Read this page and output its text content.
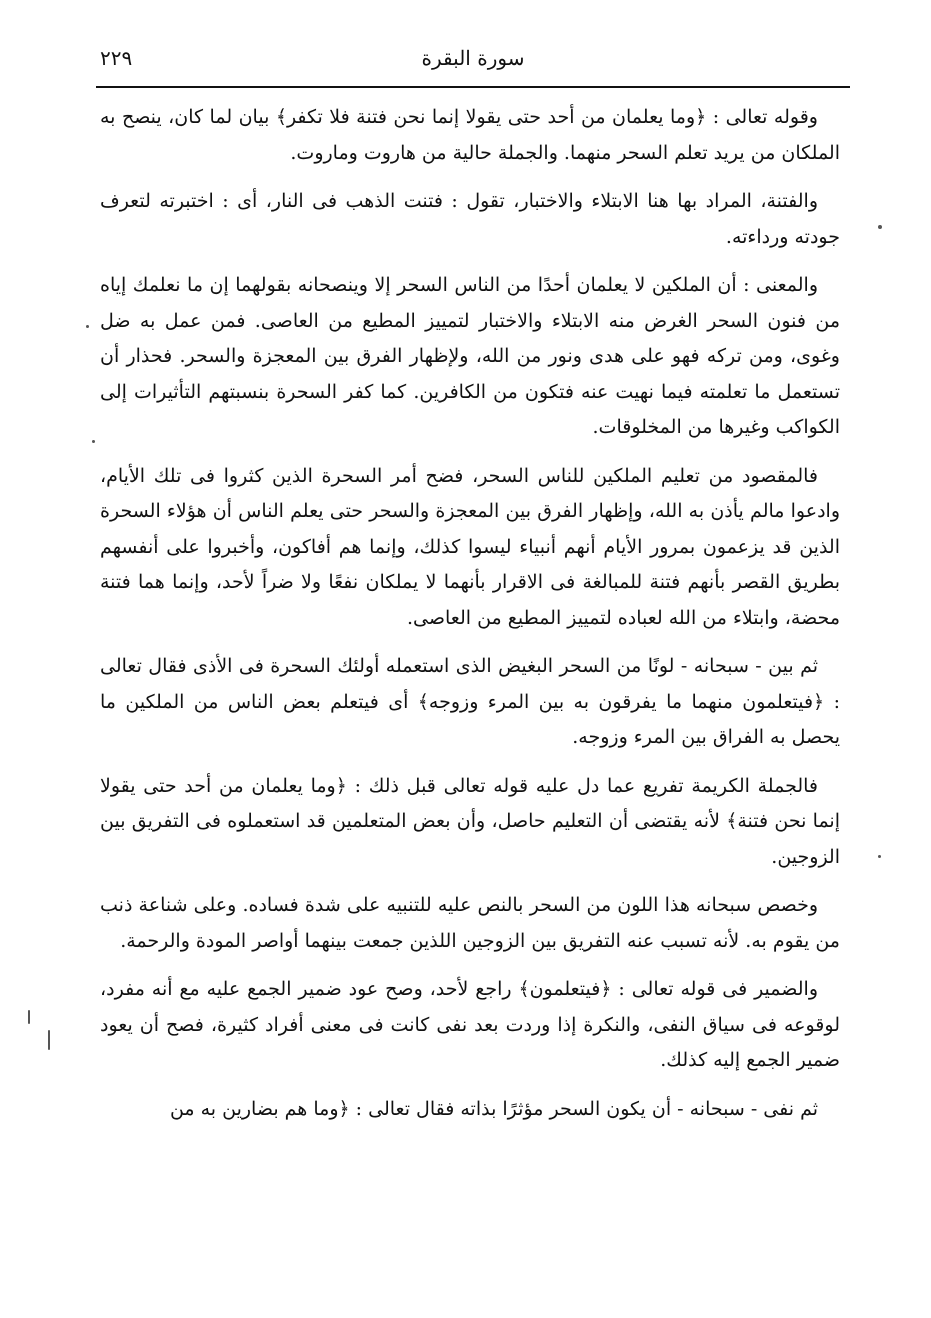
٢٢٩	سورة البقرة

وقوله تعالى : ﴿وما يعلمان من أحد حتى يقولا إنما نحن فتنة فلا تكفر﴾ بيان لما كان، ينصح به الملكان من يريد تعلم السحر منهما. والجملة حالية من هاروت وماروت.

والفتنة، المراد بها هنا الابتلاء والاختبار، تقول : فتنت الذهب فى النار، أى : اختبرته لتعرف جودته ورداءته.

والمعنى : أن الملكين لا يعلمان أحدًا من الناس السحر إلا وينصحانه بقولهما إن ما نعلمك إياه من فنون السحر الغرض منه الابتلاء والاختبار لتمييز المطيع من العاصى. فمن عمل به ضل وغوى، ومن تركه فهو على هدى ونور من الله، ولإظهار الفرق بين المعجزة والسحر. فحذار أن تستعمل ما تعلمته فيما نهيت عنه فتكون من الكافرين. كما كفر السحرة بنسبتهم التأثيرات إلى الكواكب وغيرها من المخلوقات.

فالمقصود من تعليم الملكين للناس السحر، فضح أمر السحرة الذين كثروا فى تلك الأيام، وادعوا مالم يأذن به الله، وإظهار الفرق بين المعجزة والسحر حتى يعلم الناس أن هؤلاء السحرة الذين قد يزعمون بمرور الأيام أنهم أنبياء ليسوا كذلك، وإنما هم أفاكون، وأخبروا على أنفسهم بطريق القصر بأنهم فتنة للمبالغة فى الاقرار بأنهما لا يملكان نفعًا ولا ضراً لأحد، وإنما هما فتنة محضة، وابتلاء من الله لعباده لتمييز المطيع من العاصى.

ثم بين - سبحانه - لونًا من السحر البغيض الذى استعمله أولئك السحرة فى الأذى فقال تعالى : ﴿فيتعلمون منهما ما يفرقون به بين المرء وزوجه﴾ أى فيتعلم بعض الناس من الملكين ما يحصل به الفراق بين المرء وزوجه.

فالجملة الكريمة تفريع عما دل عليه قوله تعالى قبل ذلك : ﴿وما يعلمان من أحد حتى يقولا إنما نحن فتنة﴾ لأنه يقتضى أن التعليم حاصل، وأن بعض المتعلمين قد استعملوه فى التفريق بين الزوجين.

وخصص سبحانه هذا اللون من السحر بالنص عليه للتنبيه على شدة فساده. وعلى شناعة ذنب من يقوم به. لأنه تسبب عنه التفريق بين الزوجين اللذين جمعت بينهما أواصر المودة والرحمة.

والضمير فى قوله تعالى : ﴿فيتعلمون﴾ راجع لأحد، وصح عود ضمير الجمع عليه مع أنه مفرد، لوقوعه فى سياق النفى، والنكرة إذا وردت بعد نفى كانت فى معنى أفراد كثيرة، فصح أن يعود ضمير الجمع إليه كذلك.

ثم نفى - سبحانه - أن يكون السحر مؤثرًا بذاته فقال تعالى : ﴿وما هم بضارين به من
